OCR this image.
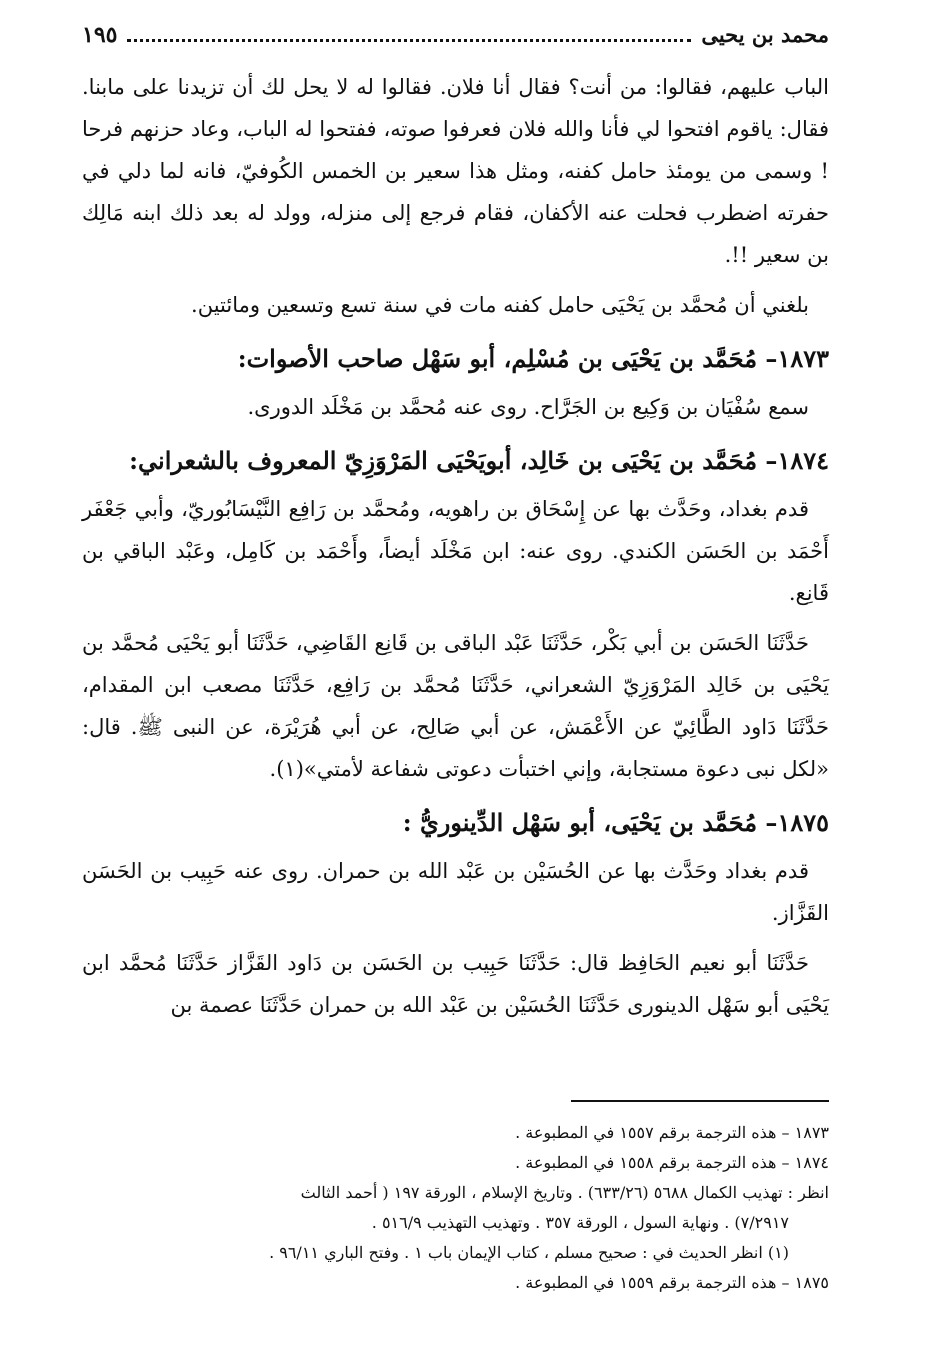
محمد بن يحيى
١٩٥

الباب عليهم، فقالوا: من أنت؟ فقال أنا فلان. فقالوا له لا يحل لك أن تزيدنا على مابنا. فقال: ياقوم افتحوا لي فأنا والله فلان فعرفوا صوته، ففتحوا له الباب، وعاد حزنهم فرحا ! وسمى من يومئذ حامل كفنه، ومثل هذا سعير بن الخمس الكُوفيّ، فانه لما دلي في حفرته اضطرب فحلت عنه الأكفان، فقام فرجع إلى منزله، وولد له بعد ذلك ابنه مَالِك بن سعير !!.

بلغني أن مُحمَّد بن يَحْيَى حامل كفنه مات في سنة تسع وتسعين ومائتين.

١٨٧٣– مُحَمَّد بن يَحْيَى بن مُسْلِم، أبو سَهْل صاحب الأصوات:

سمع سُفْيَان بن وَكِيع بن الجَرَّاح. روى عنه مُحمَّد بن مَخْلَد الدورى.

١٨٧٤– مُحَمَّد بن يَحْيَى بن خَالِد، أبويَحْيَى المَرْوَزِيّ المعروف بالشعراني:

قدم بغداد، وحَدَّث بها عن إِسْحَاق بن راهويه، ومُحمَّد بن رَافِع النَّيْسَابُوريّ، وأبي جَعْفَر أَحْمَد بن الحَسَن الكندي. روى عنه: ابن مَخْلَد أيضاً، وأَحْمَد بن كَامِل، وعَبْد الباقي بن قَانِع.

حَدَّثَنَا الحَسَن بن أبي بَكْر، حَدَّثَنَا عَبْد الباقى بن قَانِع القَاضِي، حَدَّثَنَا أبو يَحْيَى مُحمَّد بن يَحْيَى بن خَالِد المَرْوَزِيّ الشعراني، حَدَّثَنَا مُحمَّد بن رَافِع، حَدَّثَنَا مصعب ابن المقدام، حَدَّثَنَا دَاود الطَّائِيّ عن الأَعْمَش، عن أبي صَالِح، عن أبي هُرَيْرَة، عن النبى ﷺ. قال: «لكل نبى دعوة مستجابة، وإني اختبأت دعوتى شفاعة لأمتي»(١).

١٨٧٥– مُحَمَّد بن يَحْيَى، أبو سَهْل الدِّينوريُّ :

قدم بغداد وحَدَّث بها عن الحُسَيْن بن عَبْد الله بن حمران. روى عنه حَبِيب بن الحَسَن القَزَّاز.

حَدَّثَنَا أبو نعيم الحَافِظ قال: حَدَّثَنَا حَبِيب بن الحَسَن بن دَاود القَزَّاز حَدَّثَنَا مُحمَّد ابن يَحْيَى أبو سَهْل الدينورى حَدَّثَنَا الحُسَيْن بن عَبْد الله بن حمران حَدَّثَنَا عصمة بن

١٨٧٣ – هذه الترجمة برقم ١٥٥٧ في المطبوعة .
١٨٧٤ – هذه الترجمة برقم ١٥٥٨ في المطبوعة .
انظر : تهذيب الكمال ٥٦٨٨ (٦٣٣/٢٦) . وتاريخ الإسلام ، الورقة ١٩٧ ( أحمد الثالث
٧/٢٩١٧) . ونهاية السول ، الورقة ٣٥٧ . وتهذيب التهذيب ٥١٦/٩ .
(١) انظر الحديث في : صحيح مسلم ، كتاب الإيمان باب ١ . وفتح الباري ٩٦/١١ .
١٨٧٥ – هذه الترجمة برقم ١٥٥٩ في المطبوعة .
